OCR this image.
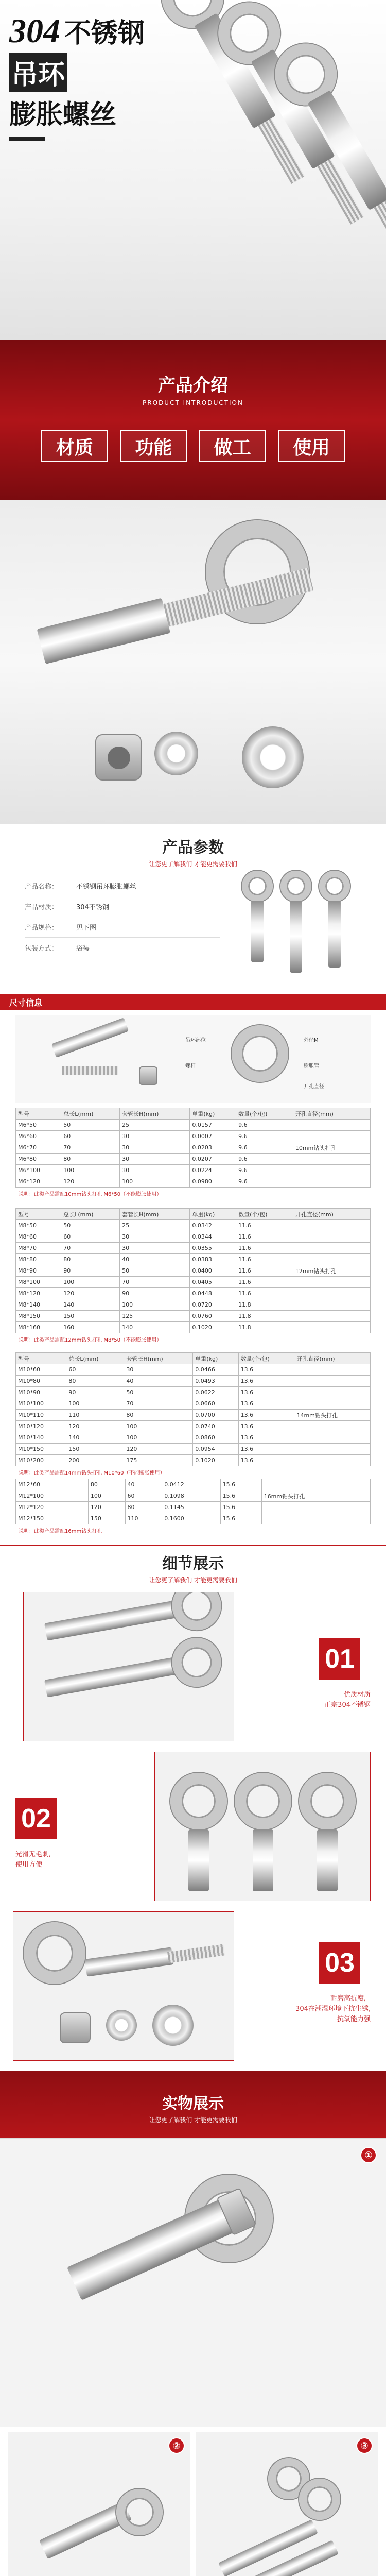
304 不锈钢
吊环
膨胀螺丝
产品介绍
PRODUCT INTRODUCTION
材质	功能	做工	使用
产品参数
让您更了解我们 才能更需要我们
产品名称：	不锈钢吊环膨胀螺丝
产品材质：	304不锈钢
产品规格：	见下图
包装方式：	袋装
尺寸信息
吊环部位	外径M
螺杆	膨胀管
开孔直径
型号	总长L(mm)	套管长H(mm)	单重(kg)	数量(个/包)	开孔直径(mm)
M6*50	50	25	0.0157	9.6	
M6*60	60	30	0.0007	9.6	
M6*70	70	30	0.0203	9.6	10mm钻头打孔
M6*80	80	30	0.0207	9.6	
M6*100	100	30	0.0224	9.6	
M6*120	120	100	0.0980	9.6	
说明：此类产品需配10mm钻头打孔 M6*50（不能膨胀使用）
型号	总长L(mm)	套管长H(mm)	单重(kg)	数量(个/包)	开孔直径(mm)
M8*50	50	25	0.0342	11.6	
M8*60	60	30	0.0344	11.6	
M8*70	70	30	0.0355	11.6	
M8*80	80	40	0.0383	11.6	
M8*90	90	50	0.0400	11.6	12mm钻头打孔
M8*100	100	70	0.0405	11.6	
M8*120	120	90	0.0448	11.6	
M8*140	140	100	0.0720	11.8	
M8*150	150	125	0.0760	11.8	
M8*160	160	140	0.1020	11.8	
说明：此类产品需配12mm钻头打孔 M8*50（不能膨胀使用）
型号	总长L(mm)	套管长H(mm)	单重(kg)	数量(个/包)	开孔直径(mm)
M10*60	60	30	0.0466	13.6	
M10*80	80	40	0.0493	13.6	
M10*90	90	50	0.0622	13.6	
M10*100	100	70	0.0660	13.6	
M10*110	110	80	0.0700	13.6	14mm钻头打孔
M10*120	120	100	0.0740	13.6	
M10*140	140	100	0.0860	13.6	
M10*150	150	120	0.0954	13.6	
M10*200	200	175	0.1020	13.6	
说明：此类产品需配14mm钻头打孔 M10*60（不能膨胀使用）
M12*60	80	40	0.0412	15.6	
M12*100	100	60	0.1098	15.6	16mm钻头打孔
M12*120	120	80	0.1145	15.6	
M12*150	150	110	0.1600	15.6	
说明：此类产品需配16mm钻头打孔
细节展示
让您更了解我们 才能更需要我们
01
优质材质
正宗304不锈钢
02
光滑无毛刺,
使用方便
03
耐磨高抗腐，
304在潮湿环境下抗生锈,
抗氧能力强
实物展示
让您更了解我们 才能更需要我们
①
②	③
